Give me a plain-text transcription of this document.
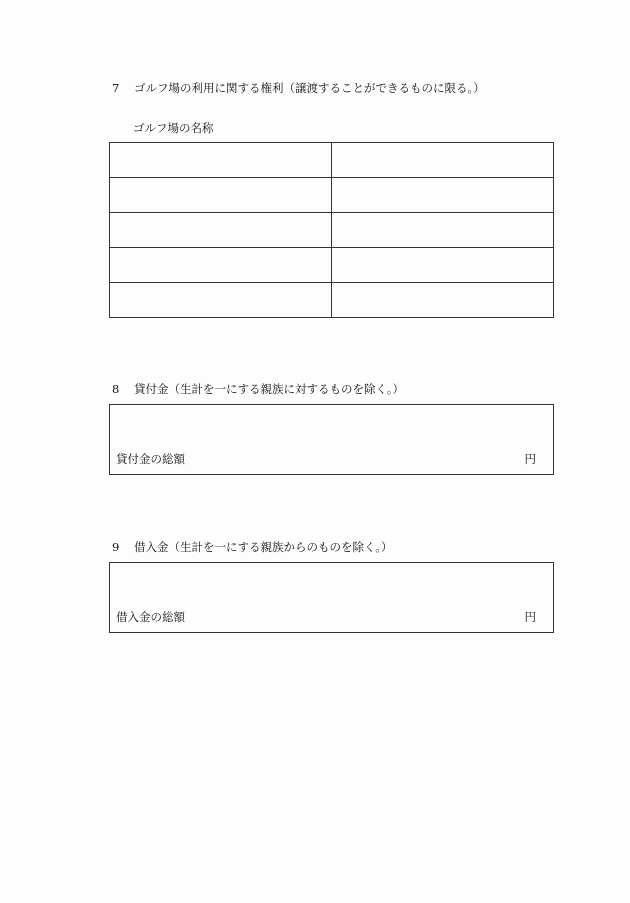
7 ゴルフ場の利用に関する権利（譲渡することができるものに限る。）
ゴルフ場の名称

8 貸付金（生計を一にする親族に対するものを除く。）
貸付金の総額	円
9 借入金（生計を一にする親族からのものを除く。）
借入金の総額	円
